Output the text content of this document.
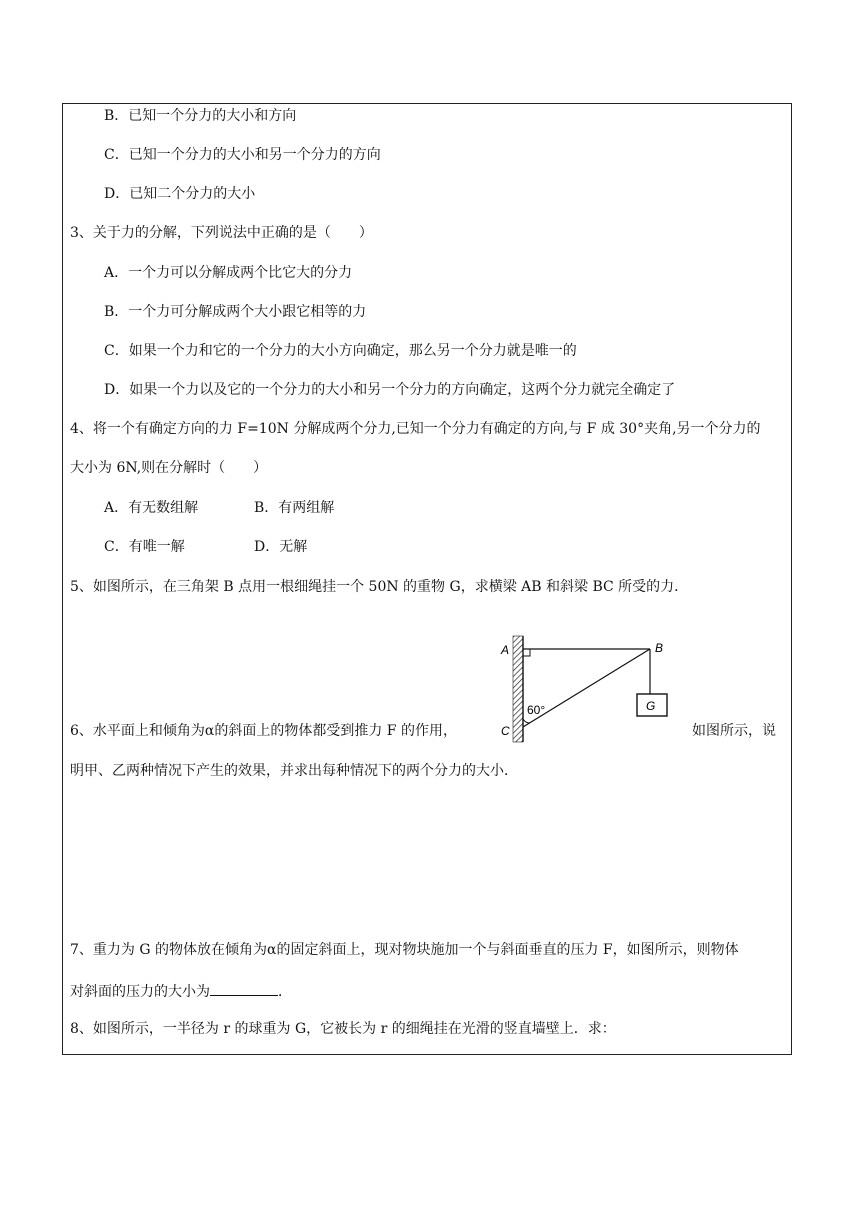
B．已知一个分力的大小和方向
C．已知一个分力的大小和另一个分力的方向
D．已知二个分力的大小
3、关于力的分解，下列说法中正确的是（　　）
A．一个力可以分解成两个比它大的分力
B．一个力可分解成两个大小跟它相等的力
C．如果一个力和它的一个分力的大小方向确定，那么另一个分力就是唯一的
D．如果一个力以及它的一个分力的大小和另一个分力的方向确定，这两个分力就完全确定了
4、将一个有确定方向的力 F=10N 分解成两个分力,已知一个分力有确定的方向,与 F 成 30°夹角,另一个分力的
大小为 6N,则在分解时（　　）
A．有无数组解	B．有两组解
C．有唯一解	D．无解
5、如图所示，在三角架 B 点用一根细绳挂一个 50N 的重物 G，求横梁 AB 和斜梁 BC 所受的力．
A	B
C
60°	G
6、水平面上和倾角为α的斜面上的物体都受到推力 F 的作用，	如图所示，说
明甲、乙两种情况下产生的效果，并求出每种情况下的两个分力的大小．
7、重力为 G 的物体放在倾角为α的固定斜面上，现对物块施加一个与斜面垂直的压力 F，如图所示，则物体
对斜面的压力的大小为	．
8、如图所示，一半径为 r 的球重为 G，它被长为 r 的细绳挂在光滑的竖直墙壁上．求：
